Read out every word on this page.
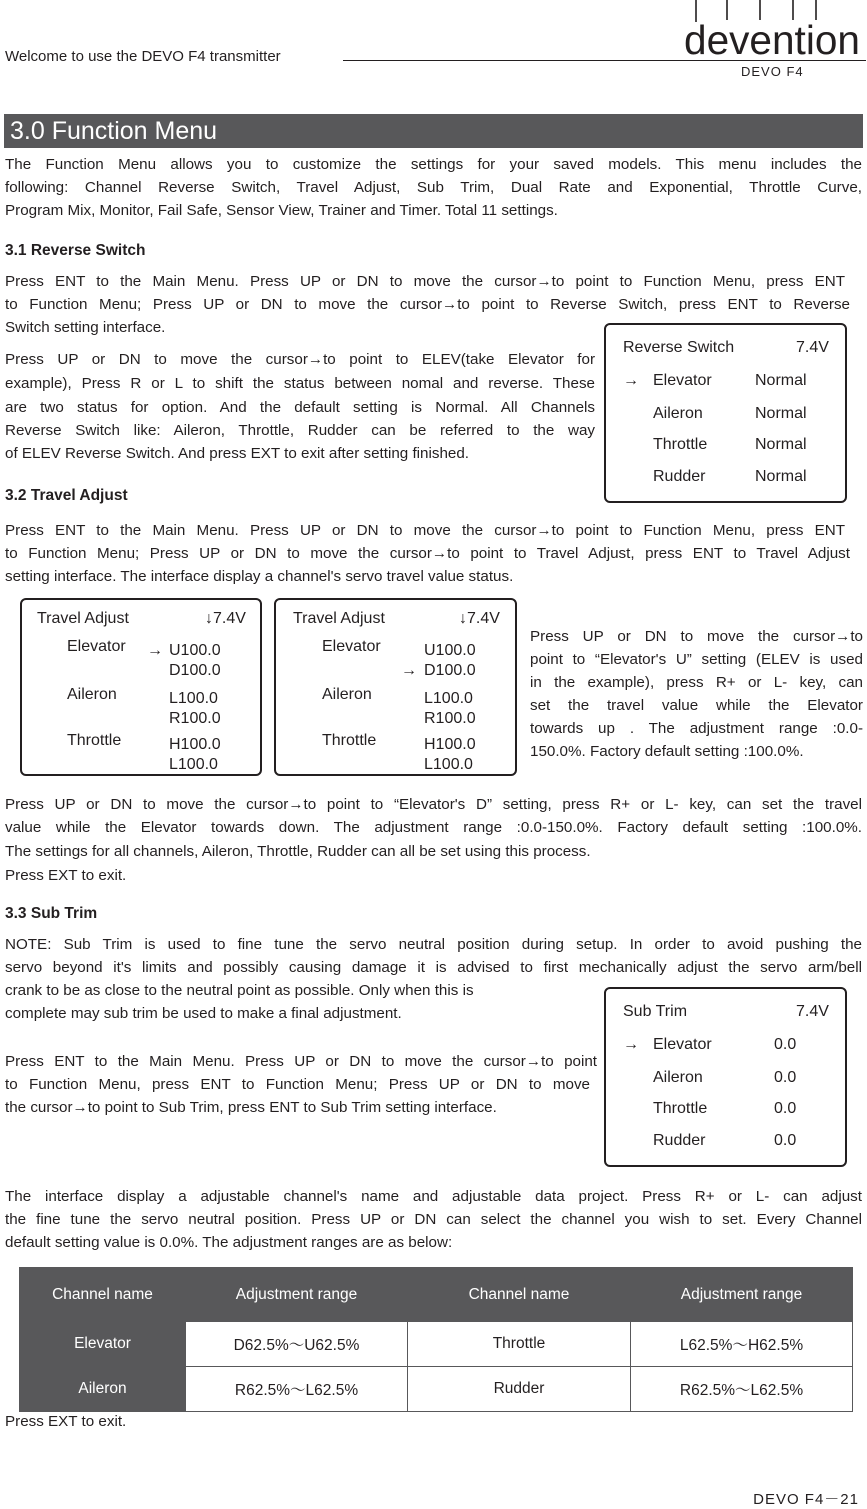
Welcome to use the DEVO F4 transmitter	devention
DEVO F4
3.0 Function Menu
The Function Menu allows you to customize the settings for your saved models. This menu includes the
following: Channel Reverse Switch, Travel Adjust, Sub Trim, Dual Rate and Exponential, Throttle Curve,
Program Mix, Monitor, Fail Safe, Sensor View, Trainer and Timer. Total 11 settings.
3.1 Reverse Switch
Press ENT to the Main Menu. Press UP or DN to move the cursor→to point to Function Menu, press ENT
to Function Menu; Press UP or DN to move the cursor→to point to Reverse Switch, press ENT to Reverse
Switch setting interface.
Press UP or DN to move the cursor→to point to ELEV(take Elevator for
example), Press R or L to shift the status between nomal and reverse. These
are two status for option. And the default setting is Normal. All Channels
Reverse Switch like: Aileron, Throttle, Rudder can be referred to the way
of ELEV Reverse Switch. And press EXT to exit after setting finished.
Reverse Switch	7.4V
→ Elevator	Normal
Aileron	Normal
Throttle	Normal
Rudder	Normal
3.2 Travel Adjust
Press ENT to the Main Menu. Press UP or DN to move the cursor→to point to Function Menu, press ENT
to Function Menu; Press UP or DN to move the cursor→to point to Travel Adjust, press ENT to Travel Adjust
setting interface. The interface display a channel's servo travel value status.
Travel Adjust	↓7.4V
Elevator → U100.0
D100.0
Aileron	L100.0
R100.0
Throttle	H100.0
L100.0
Travel Adjust	↓7.4V
Elevator	U100.0
→ D100.0
Aileron	L100.0
R100.0
Throttle	H100.0
L100.0
Press UP or DN to move the cursor→to
point to “Elevator's U” setting (ELEV is used
in the example), press R+ or L- key, can
set the travel value while the Elevator
towards up . The adjustment range :0.0-
150.0%. Factory default setting :100.0%.
Press UP or DN to move the cursor→to point to “Elevator's D” setting, press R+ or L- key, can set the travel
value while the Elevator towards down. The adjustment range :0.0-150.0%. Factory default setting :100.0%.
The settings for all channels, Aileron, Throttle, Rudder can all be set using this process.
Press EXT to exit.
3.3 Sub Trim
NOTE: Sub Trim is used to fine tune the servo neutral position during setup. In order to avoid pushing the
servo beyond it's limits and possibly causing damage it is advised to first mechanically adjust the servo arm/bell
crank to be as close to the neutral point as possible. Only when this is
complete may sub trim be used to make a final adjustment.
Press ENT to the Main Menu. Press UP or DN to move the cursor→to point
to Function Menu, press ENT to Function Menu; Press UP or DN to move
the cursor→to point to Sub Trim, press ENT to Sub Trim setting interface.
Sub Trim	7.4V
→ Elevator	0.0
Aileron	0.0
Throttle	0.0
Rudder	0.0
The interface display a adjustable channel's name and adjustable data project. Press R+ or L- can adjust
the fine tune the servo neutral position. Press UP or DN can select the channel you wish to set. Every Channel
default setting value is 0.0%. The adjustment ranges are as below:
Channel name	Adjustment range	Channel name	Adjustment range
Elevator	D62.5%～U62.5%	Throttle	L62.5%～H62.5%
Aileron	R62.5%～L62.5%	Rudder	R62.5%～L62.5%
Press EXT to exit.
DEVO F4－21
